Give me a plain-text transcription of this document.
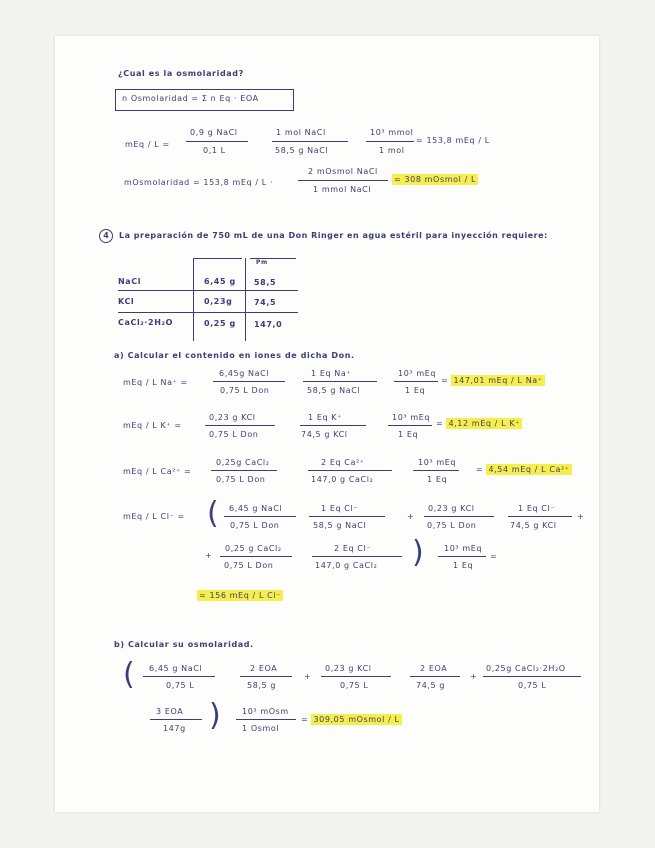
¿Cual es la osmolaridad?
n Osmolaridad = Σ n Eq · EOA
mEq / L =
0,9 g NaCl
0,1 L
1 mol NaCl
58,5 g NaCl
10³ mmol
1 mol
= 153,8 mEq / L
mOsmolaridad = 153,8 mEq / L ·
2 mOsmol NaCl
1 mmol NaCl
= 308 mOsmol / L
4	La preparación de 750 mL de una Don Ringer en agua estéril para inyección requiere:
Pm
NaCl	6,45 g 58,5
KCl	0,23g	74,5
CaCl₂·2H₂O	0,25 g 147,0
a) Calcular el contenido en iones de dicha Don.
mEq / L Na⁺ =
6,45g NaCl
0,75 L Don
1 Eq Na⁺
58,5 g NaCl
10³ mEq
1 Eq
= 147,01 mEq / L Na⁺
mEq / L K⁺ =
0,23 g KCl
0,75 L Don
1 Eq K⁺
74,5 g KCl
10³ mEq
1 Eq
= 4,12 mEq / L K⁺
mEq / L Ca²⁺ =
0,25g CaCl₂
0,75 L Don
2 Eq Ca²⁺
147,0 g CaCl₂
10³ mEq
1 Eq
= 4,54 mEq / L Ca²⁺
mEq / L Cl⁻ = ( 6,45 g NaCl
0,75 L Don
1 Eq Cl⁻
58,5 g NaCl
+
0,23 g KCl
0,75 L Don
1 Eq Cl⁻
74,5 g KCl
+
+
0,25 g CaCl₂
0,75 L Don
2 Eq Cl⁻
147,0 g CaCl₂ )	10³ mEq
1 Eq
=
= 156 mEq / L Cl⁻
b) Calcular su osmolaridad.
( 6,45 g NaCl
0,75 L
2 EOA
58,5 g
+
0,23 g KCl
0,75 L
2 EOA
74,5 g
+
0,25g CaCl₂·2H₂O
0,75 L
3 EOA
147g )	10³ mOsm
1 Osmol
= 309,05 mOsmol / L
